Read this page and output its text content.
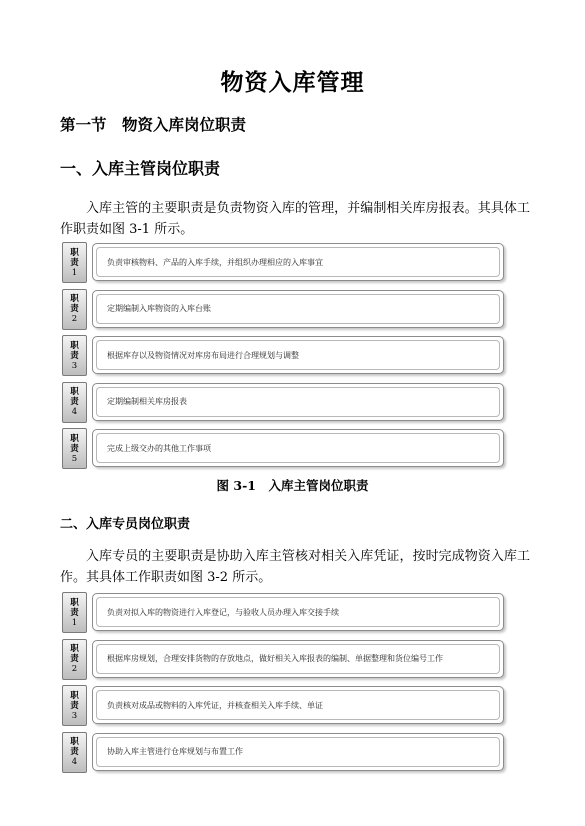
物资入库管理
第一节　物资入库岗位职责
一、入库主管岗位职责
入库主管的主要职责是负责物资入库的管理，并编制相关库房报表。其具体工作职责如图 3-1 所示。
职
责
1
负责审核物料、产品的入库手续，并组织办理相应的入库事宜
职
责
2
定期编制入库物资的入库台账
职
责
3
根据库存以及物资情况对库房布局进行合理规划与调整
职
责
4
定期编制相关库房报表
职
责
5
完成上级交办的其他工作事项
图 3-1　入库主管岗位职责
二、入库专员岗位职责
入库专员的主要职责是协助入库主管核对相关入库凭证，按时完成物资入库工作。其具体工作职责如图 3-2 所示。
职
责
1
负责对拟入库的物资进行入库登记，与验收人员办理入库交接手续
职
责
2
根据库房规划，合理安排货物的存放地点，做好相关入库报表的编制、单据整理和货位编号工作
职
责
3
负责核对成品或物料的入库凭证，并核查相关入库手续、单证
职
责
4
协助入库主管进行仓库规划与布置工作
